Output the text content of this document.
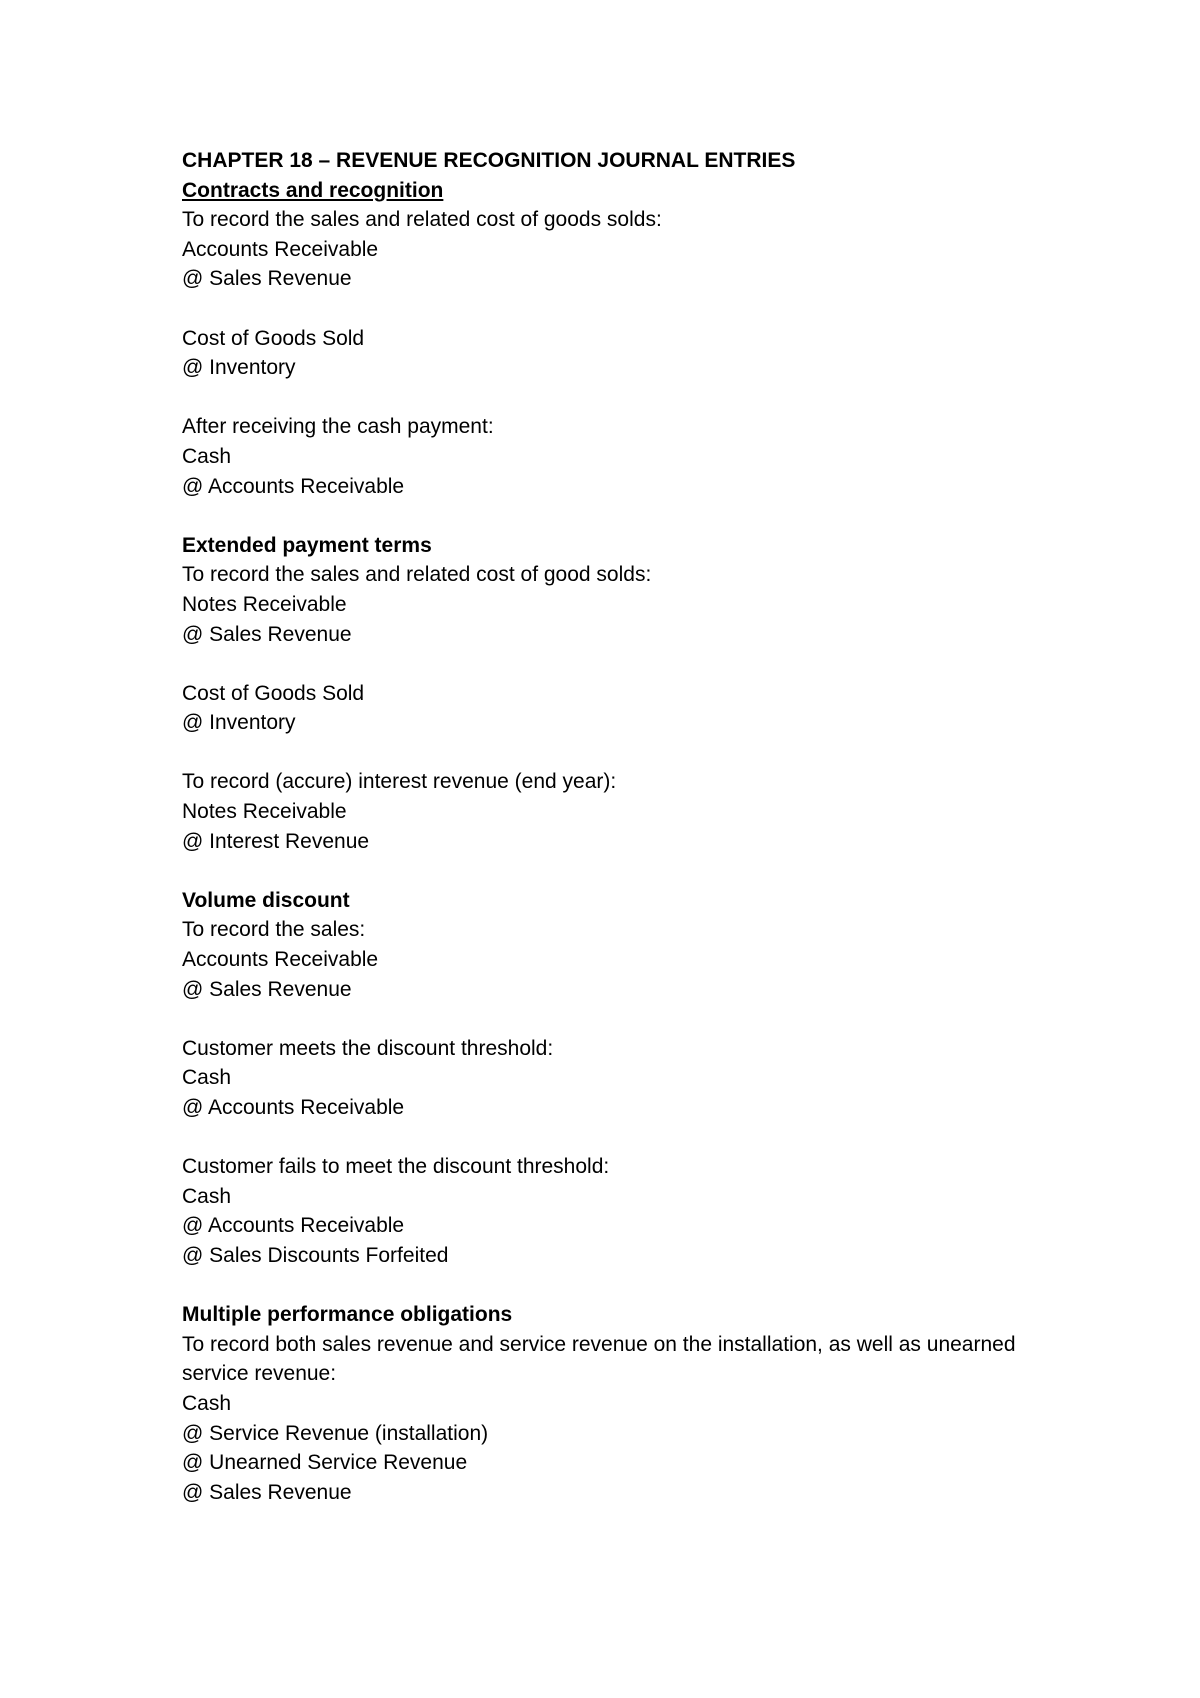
CHAPTER 18 – REVENUE RECOGNITION JOURNAL ENTRIES

Contracts and recognition

To record the sales and related cost of goods solds:

Accounts Receivable

@ Sales Revenue

Cost of Goods Sold

@ Inventory

After receiving the cash payment:

Cash

@ Accounts Receivable

Extended payment terms

To record the sales and related cost of good solds:

Notes Receivable

@ Sales Revenue

Cost of Goods Sold

@ Inventory

To record (accure) interest revenue (end year):

Notes Receivable

@ Interest Revenue

Volume discount

To record the sales:

Accounts Receivable

@ Sales Revenue

Customer meets the discount threshold:

Cash

@ Accounts Receivable

Customer fails to meet the discount threshold:

Cash

@ Accounts Receivable

@ Sales Discounts Forfeited

Multiple performance obligations

To record both sales revenue and service revenue on the installation, as well as unearned service revenue:

Cash

@ Service Revenue (installation)

@ Unearned Service Revenue

@ Sales Revenue
